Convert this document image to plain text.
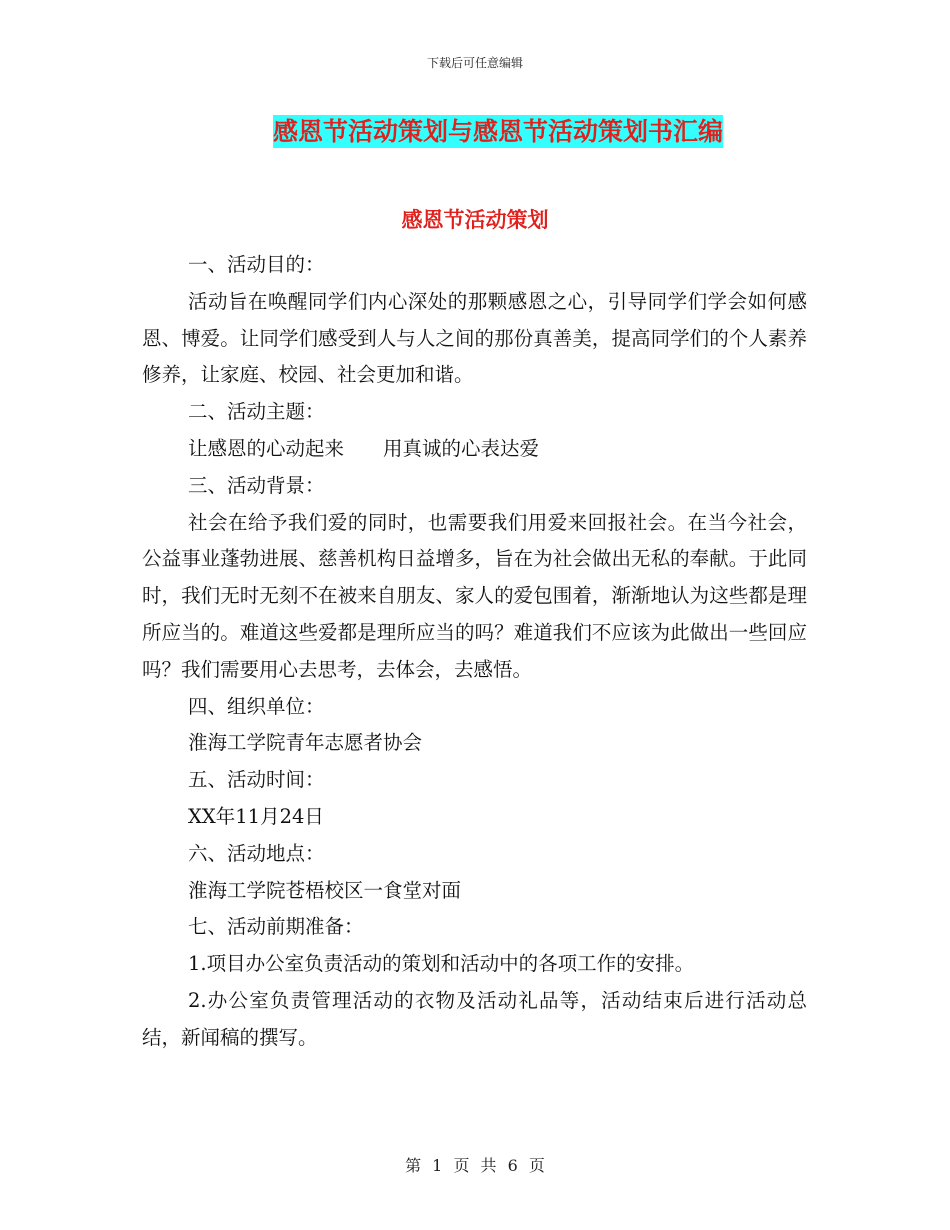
下载后可任意编辑
感恩节活动策划与感恩节活动策划书汇编
感恩节活动策划

一、活动目的：

活动旨在唤醒同学们内心深处的那颗感恩之心，引导同学们学会如何感恩、博爱。让同学们感受到人与人之间的那份真善美，提高同学们的个人素养修养，让家庭、校园、社会更加和谐。

二、活动主题：

让感恩的心动起来　　用真诚的心表达爱

三、活动背景：

社会在给予我们爱的同时，也需要我们用爱来回报社会。在当今社会，公益事业蓬勃进展、慈善机构日益增多，旨在为社会做出无私的奉献。于此同时，我们无时无刻不在被来自朋友、家人的爱包围着，渐渐地认为这些都是理所应当的。难道这些爱都是理所应当的吗？难道我们不应该为此做出一些回应吗？我们需要用心去思考，去体会，去感悟。

四、组织单位：

淮海工学院青年志愿者协会

五、活动时间：

XX年11月24日

六、活动地点：

淮海工学院苍梧校区一食堂对面

七、活动前期准备：

1.项目办公室负责活动的策划和活动中的各项工作的安排。

2.办公室负责管理活动的衣物及活动礼品等，活动结束后进行活动总结，新闻稿的撰写。

第 1 页 共 6 页
